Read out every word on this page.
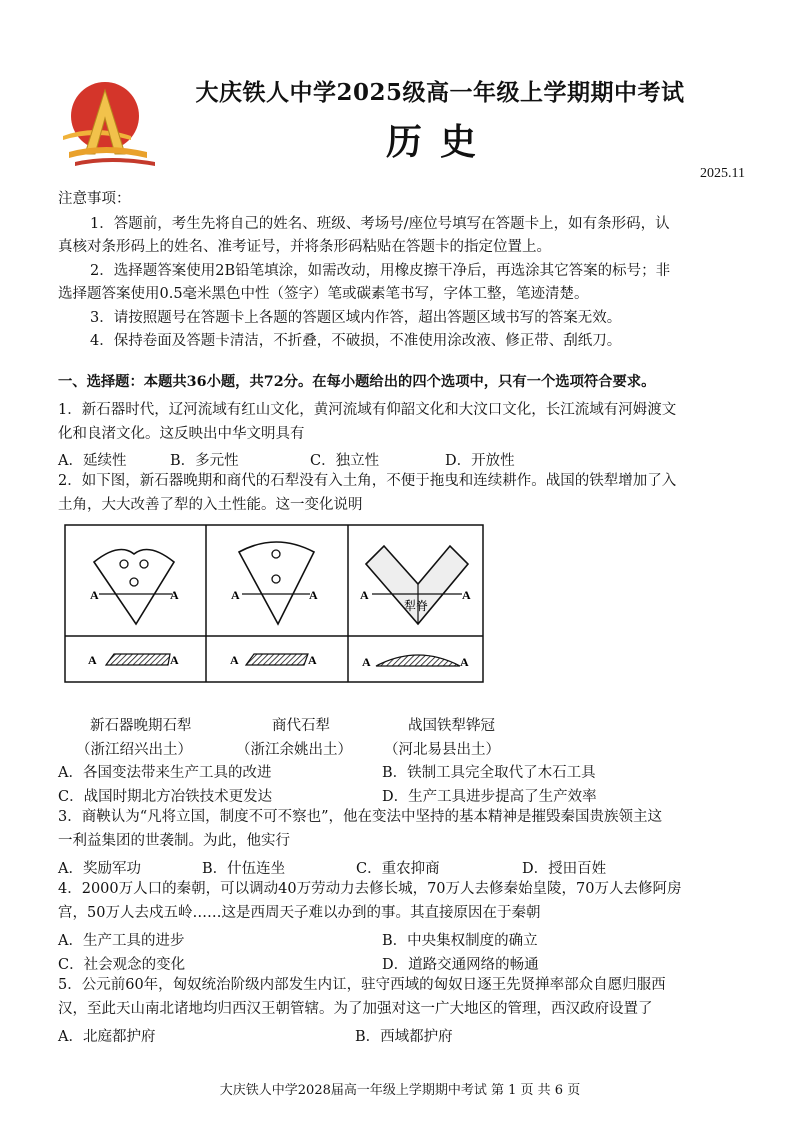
大庆铁人中学2025级高一年级上学期期中考试
历史
2025.11
注意事项：
1．答题前，考生先将自己的姓名、班级、考场号/座位号填写在答题卡上，如有条形码，认
真核对条形码上的姓名、准考证号，并将条形码粘贴在答题卡的指定位置上。
2．选择题答案使用2B铅笔填涂，如需改动，用橡皮擦干净后，再选涂其它答案的标号；非
选择题答案使用0.5毫米黑色中性（签字）笔或碳素笔书写，字体工整，笔迹清楚。
3．请按照题号在答题卡上各题的答题区域内作答，超出答题区域书写的答案无效。
4．保持卷面及答题卡清洁，不折叠，不破损，不准使用涂改液、修正带、刮纸刀。
一、选择题：本题共36小题，共72分。在每小题给出的四个选项中，只有一个选项符合要求。
1．新石器时代，辽河流域有红山文化，黄河流域有仰韶文化和大汶口文化，长江流域有河姆渡文
化和良渚文化。这反映出中华文明具有
A．延续性	B．多元性	C．独立性	D．开放性
2．如下图，新石器晚期和商代的石犁没有入土角，不便于拖曳和连续耕作。战国的铁犁增加了入
土角，大大改善了犁的入土性能。这一变化说明
A	A
A	A
A	A
A	A
A	A
犁脊
A	A
新石器晚期石犁	商代石犁	战国铁犁铧冠
（浙江绍兴出土）	（浙江余姚出土） （河北易县出土）
A．各国变法带来生产工具的改进	B．铁制工具完全取代了木石工具
C．战国时期北方冶铁技术更发达	D．生产工具进步提高了生产效率
3．商鞅认为“凡将立国，制度不可不察也”，他在变法中坚持的基本精神是摧毁秦国贵族领主这
一利益集团的世袭制。为此，他实行
A．奖励军功	B．什伍连坐	C．重农抑商	D．授田百姓
4．2000万人口的秦朝，可以调动40万劳动力去修长城，70万人去修秦始皇陵，70万人去修阿房
宫，50万人去戍五岭……这是西周天子难以办到的事。其直接原因在于秦朝
A．生产工具的进步	B．中央集权制度的确立
C．社会观念的变化	D．道路交通网络的畅通
5．公元前60年，匈奴统治阶级内部发生内讧，驻守西域的匈奴日逐王先贤掸率部众自愿归服西
汉，至此天山南北诸地均归西汉王朝管辖。为了加强对这一广大地区的管理，西汉政府设置了
A．北庭都护府	B．西域都护府
大庆铁人中学2028届高一年级上学期期中考试 第 1 页 共 6 页
